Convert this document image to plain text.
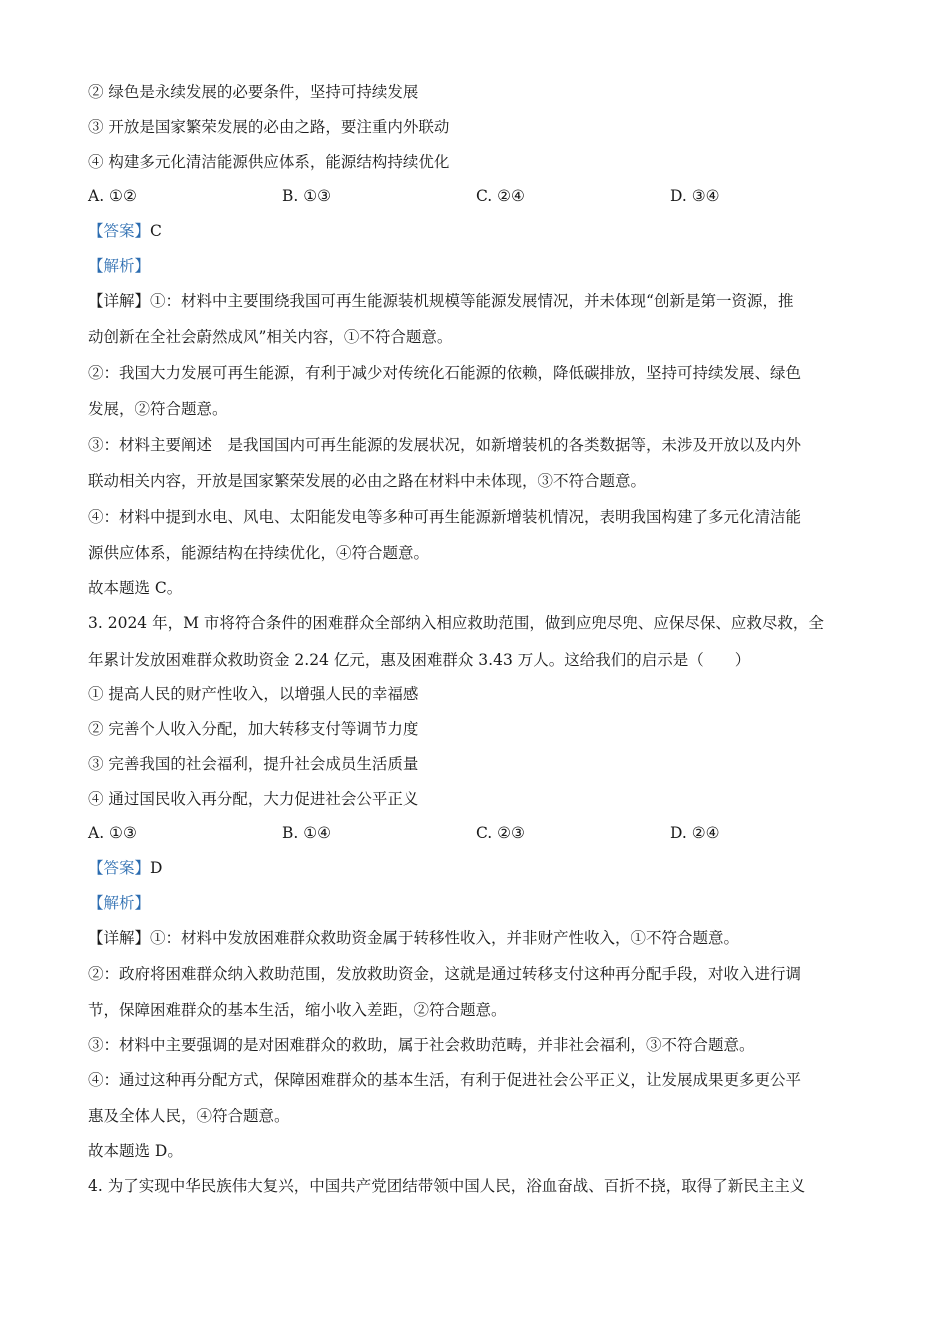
② 绿色是永续发展的必要条件，坚持可持续发展
③ 开放是国家繁荣发展的必由之路，要注重内外联动
④ 构建多元化清洁能源供应体系，能源结构持续优化
A. ①②	B. ①③	C. ②④	D. ③④
【答案】C
【解析】
【详解】①：材料中主要围绕我国可再生能源装机规模等能源发展情况，并未体现“创新是第一资源，推
动创新在全社会蔚然成风”相关内容，①不符合题意。
②：我国大力发展可再生能源，有利于减少对传统化石能源的依赖，降低碳排放，坚持可持续发展、绿色
发展，②符合题意。
③：材料主要阐述　是我国国内可再生能源的发展状况，如新增装机的各类数据等，未涉及开放以及内外
联动相关内容，开放是国家繁荣发展的必由之路在材料中未体现，③不符合题意。
④：材料中提到水电、风电、太阳能发电等多种可再生能源新增装机情况，表明我国构建了多元化清洁能
源供应体系，能源结构在持续优化，④符合题意。
故本题选 C。
3. 2024 年，M 市将符合条件的困难群众全部纳入相应救助范围，做到应兜尽兜、应保尽保、应救尽救，全
年累计发放困难群众救助资金 2.24 亿元，惠及困难群众 3.43 万人。这给我们的启示是（　　）
① 提高人民的财产性收入，以增强人民的幸福感
② 完善个人收入分配，加大转移支付等调节力度
③ 完善我国的社会福利，提升社会成员生活质量
④ 通过国民收入再分配，大力促进社会公平正义
A. ①③	B. ①④	C. ②③	D. ②④
【答案】D
【解析】
【详解】①：材料中发放困难群众救助资金属于转移性收入，并非财产性收入，①不符合题意。
②：政府将困难群众纳入救助范围，发放救助资金，这就是通过转移支付这种再分配手段，对收入进行调
节，保障困难群众的基本生活，缩小收入差距，②符合题意。
③：材料中主要强调的是对困难群众的救助，属于社会救助范畴，并非社会福利，③不符合题意。
④：通过这种再分配方式，保障困难群众的基本生活，有利于促进社会公平正义，让发展成果更多更公平
惠及全体人民，④符合题意。
故本题选 D。
4. 为了实现中华民族伟大复兴，中国共产党团结带领中国人民，浴血奋战、百折不挠，取得了新民主主义
